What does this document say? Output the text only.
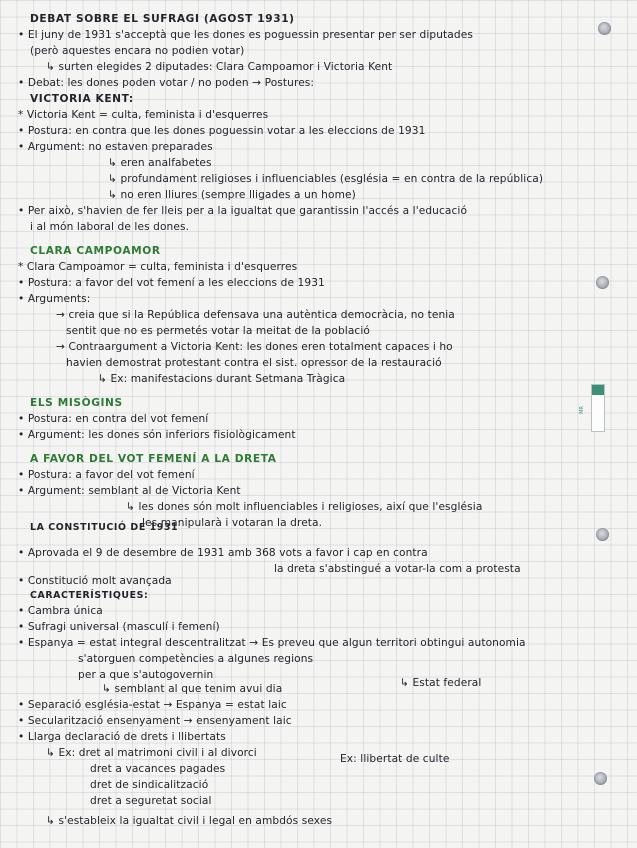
DEBAT SOBRE EL SUFRAGI (AGOST 1931)
• El juny de 1931 s'acceptà que les dones es poguessin presentar per ser diputades
(però aquestes encara no podien votar)
↳ surten elegides 2 diputades: Clara Campoamor i Victoria Kent
• Debat: les dones poden votar / no poden → Postures:
VICTORIA KENT:
* Victoria Kent = culta, feminista i d'esquerres
• Postura: en contra que les dones poguessin votar a les eleccions de 1931
• Argument: no estaven preparades
↳ eren analfabetes
↳ profundament religioses i influenciables (església = en contra de la república)
↳ no eren lliures (sempre lligades a un home)
• Per això, s'havien de fer lleis per a la igualtat que garantissin l'accés a l'educació
i al món laboral de les dones.
CLARA CAMPOAMOR
* Clara Campoamor = culta, feminista i d'esquerres
• Postura: a favor del vot femení a les eleccions de 1931
• Arguments:
→ creia que si la República defensava una autèntica democràcia, no tenia
sentit que no es permetés votar la meitat de la població
→ Contraargument a Victoria Kent: les dones eren totalment capaces i ho
havien demostrat protestant contra el sist. opressor de la restauració
↳ Ex: manifestacions durant Setmana Tràgica
ELS MISÒGINS
• Postura: en contra del vot femení
• Argument: les dones són inferiors fisiològicament
A FAVOR DEL VOT FEMENÍ A LA DRETA
• Postura: a favor del vot femení
• Argument: semblant al de Victoria Kent
↳ les dones són molt influenciables i religioses, així que l'església
les manipularà i votaran la dreta.
LA CONSTITUCIÓ DE 1931
• Aprovada el 9 de desembre de 1931 amb 368 vots a favor i cap en contra
la dreta s'abstingué a votar-la com a protesta
• Constitució molt avançada
CARACTERÍSTIQUES:
• Cambra única
• Sufragi universal (masculí i femení)
• Espanya = estat integral descentralitzat → Es preveu que algun territori obtingui autonomia
s'atorguen competències a algunes regions
per a que s'autogovernin
↳ semblant al que tenim avui dia	↳ Estat federal
• Separació església-estat → Espanya = estat laic
• Secularització ensenyament → ensenyament laic
• Llarga declaració de drets i llibertats
Ex: llibertat de culte
↳ Ex: dret al matrimoni civil i al divorci
dret a vacances pagades
dret de sindicalització
dret a seguretat social
↳ s'estableix la igualtat civil i legal en ambdós sexes
MR
